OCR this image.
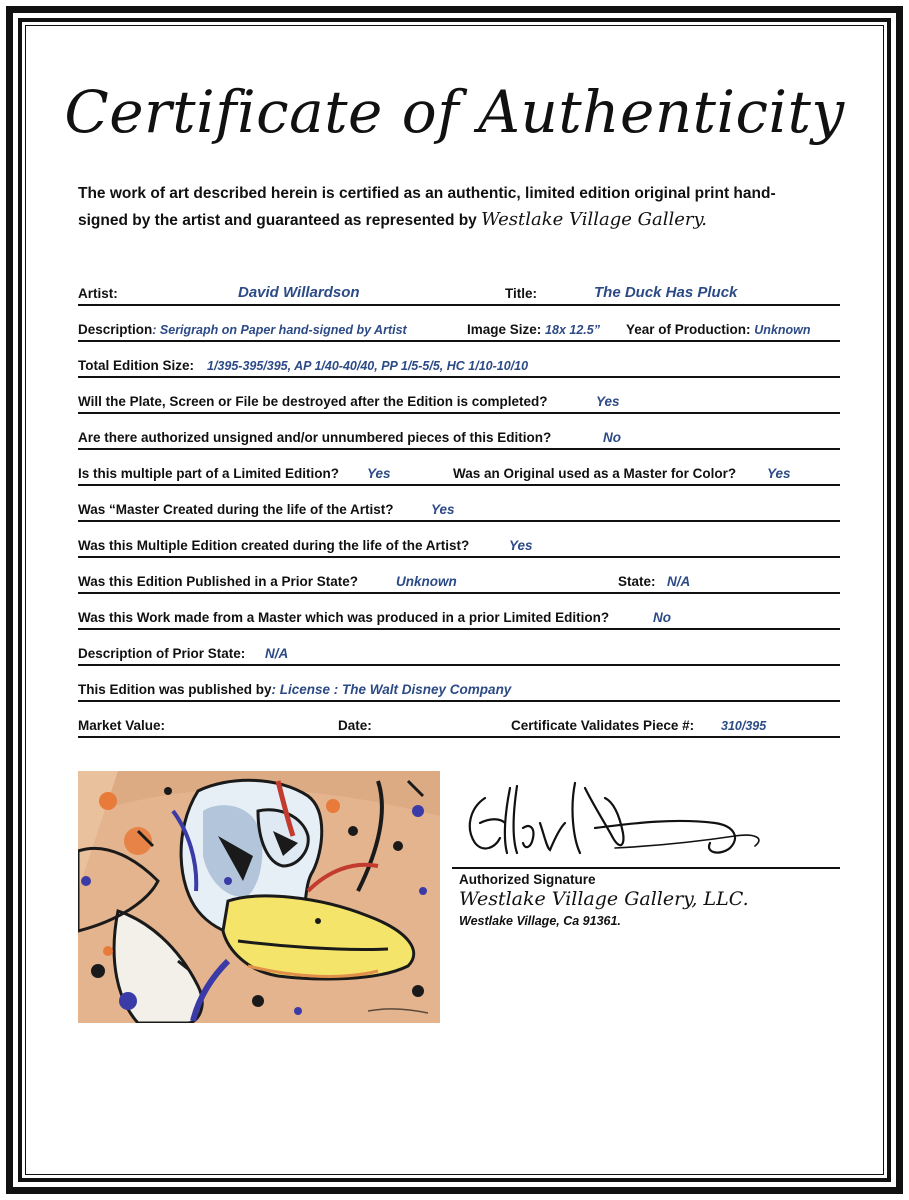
Certificate of Authenticity
The work of art described herein is certified as an authentic, limited edition original print hand-signed by the artist and guaranteed as represented by Westlake Village Gallery.
Artist:	David Willardson	Title:	The Duck Has Pluck
Description: Serigraph on Paper hand-signed by Artist	Image Size: 18x 12.5” Year of Production: Unknown
Total Edition Size: 1/395-395/395, AP 1/40-40/40, PP 1/5-5/5, HC 1/10-10/10
Will the Plate, Screen or File be destroyed after the Edition is completed?	Yes
Are there authorized unsigned and/or unnumbered pieces of this Edition?	No
Is this multiple part of a Limited Edition? Yes	Was an Original used as a Master for Color? Yes
Was “Master Created during the life of the Artist?	Yes
Was this Multiple Edition created during the life of the Artist?	Yes
Was this Edition Published in a Prior State?	Unknown	State: N/A
Was this Work made from a Master which was produced in a prior Limited Edition?	No
Description of Prior State: N/A
This Edition was published by: License : The Walt Disney Company
Market Value:	Date:	Certificate Validates Piece #: 310/395
Authorized Signature
Westlake Village Gallery, LLC.
Westlake Village, Ca 91361.
